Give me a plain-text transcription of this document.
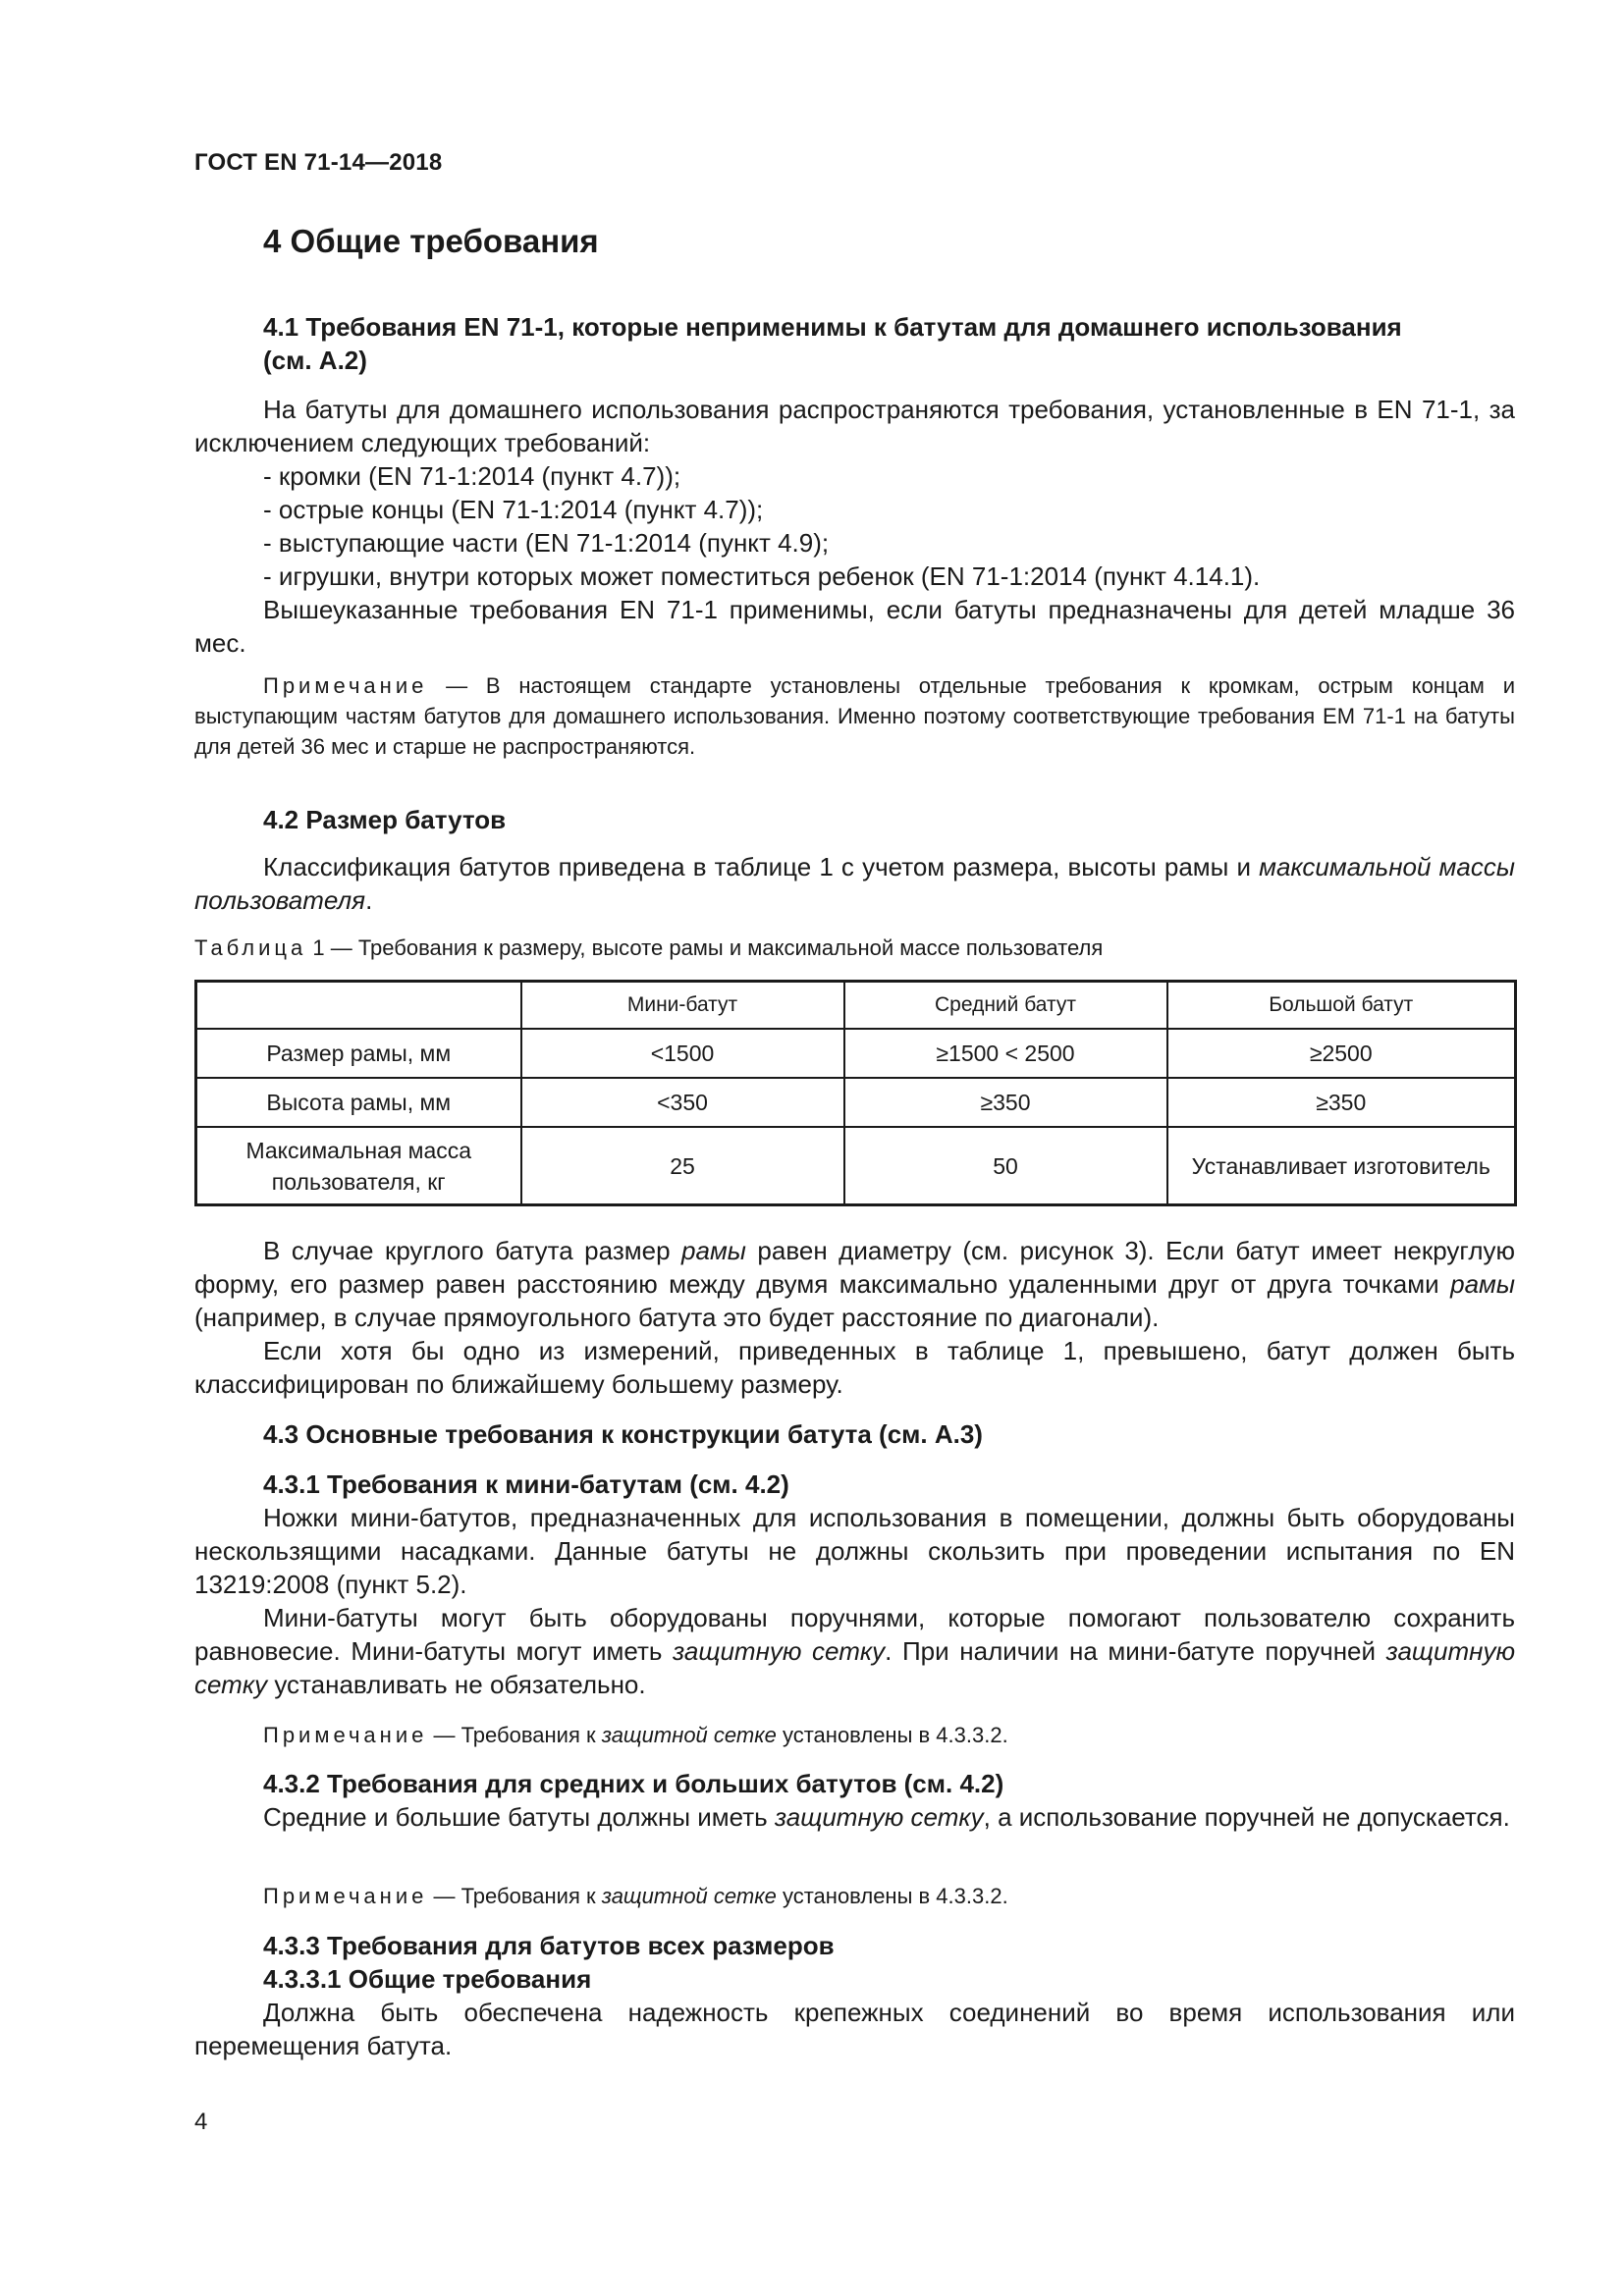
ГОСТ EN 71-14—2018
4 Общие требования
4.1 Требования EN 71-1, которые неприменимы к батутам для домашнего использования
(см. А.2)
На батуты для домашнего использования распространяются требования, установленные в EN 71-1, за исключением следующих требований:
- кромки (EN 71-1:2014 (пункт 4.7));
- острые концы (EN 71-1:2014 (пункт 4.7));
- выступающие части (EN 71-1:2014 (пункт 4.9);
- игрушки, внутри которых может поместиться ребенок (EN 71-1:2014 (пункт 4.14.1).
Вышеуказанные требования EN 71-1 применимы, если батуты предназначены для детей младше 36 мес.
Примечание — В настоящем стандарте установлены отдельные требования к кромкам, острым концам и выступающим частям батутов для домашнего использования. Именно поэтому соответствующие требования ЕМ 71-1 на батуты для детей 36 мес и старше не распространяются.
4.2 Размер батутов
Классификация батутов приведена в таблице 1 с учетом размера, высоты рамы и максимальной массы пользователя.
Таблица 1 — Требования к размеру, высоте рамы и максимальной массе пользователя
	Мини-батут	Средний батут	Большой батут
Размер рамы, мм	<1500	≥1500 < 2500	≥2500
Высота рамы, мм	<350	≥350	≥350
Максимальная масса пользователя, кг	25	50	Устанавливает изготовитель
В случае круглого батута размер рамы равен диаметру (см. рисунок 3). Если батут имеет некруглую форму, его размер равен расстоянию между двумя максимально удаленными друг от друга точками рамы (например, в случае прямоугольного батута это будет расстояние по диагонали).
Если хотя бы одно из измерений, приведенных в таблице 1, превышено, батут должен быть классифицирован по ближайшему большему размеру.
4.3 Основные требования к конструкции батута (см. А.3)
4.3.1 Требования к мини-батутам (см. 4.2)
Ножки мини-батутов, предназначенных для использования в помещении, должны быть оборудованы нескользящими насадками. Данные батуты не должны скользить при проведении испытания по EN 13219:2008 (пункт 5.2).
Мини-батуты могут быть оборудованы поручнями, которые помогают пользователю сохранить равновесие. Мини-батуты могут иметь защитную сетку. При наличии на мини-батуте поручней защитную сетку устанавливать не обязательно.
Примечание — Требования к защитной сетке установлены в 4.3.3.2.
4.3.2 Требования для средних и больших батутов (см. 4.2)
Средние и большие батуты должны иметь защитную сетку, а использование поручней не допускается.
Примечание — Требования к защитной сетке установлены в 4.3.3.2.
4.3.3 Требования для батутов всех размеров
4.3.3.1 Общие требования
Должна быть обеспечена надежность крепежных соединений во время использования или перемещения батута.
4
